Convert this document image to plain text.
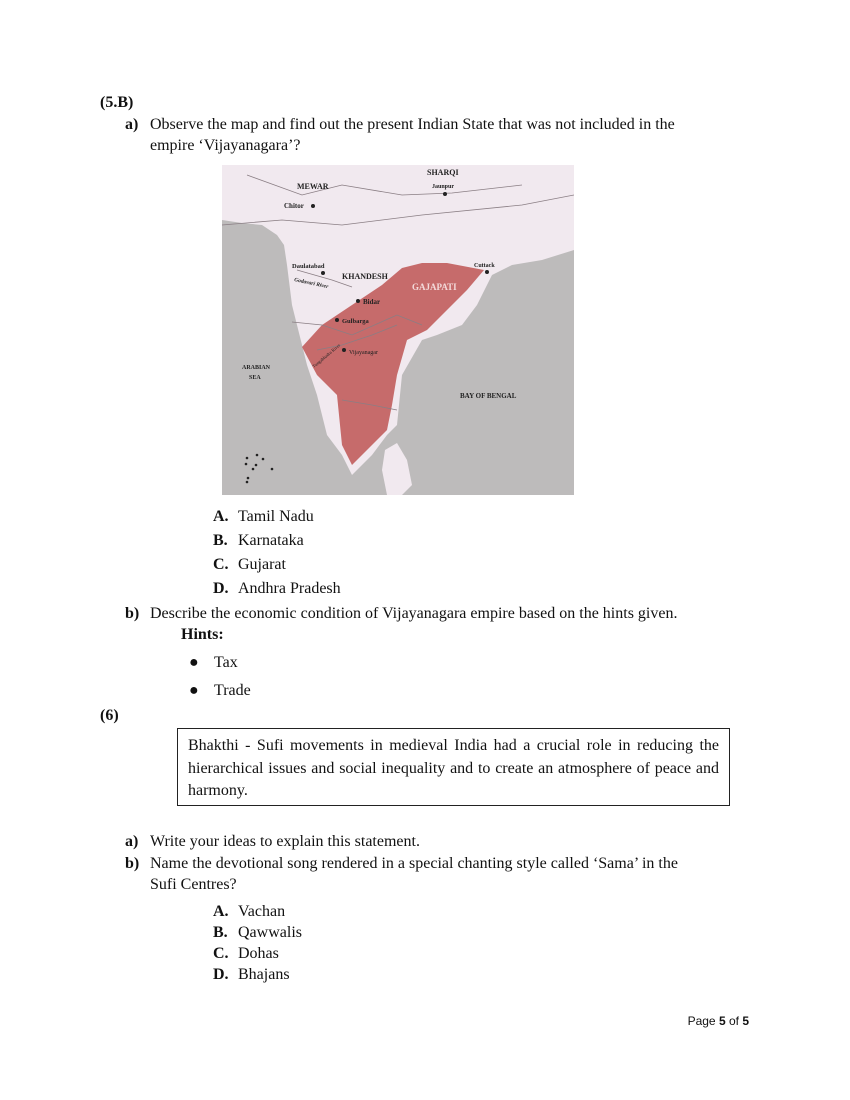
(5.B)
a) Observe the map and find out the present Indian State that was not included in the
empire ‘Vijayanagara’?
MEWAR
Chitor
SHARQI
Jaunpur
Daulatabad
KHANDESH
Godavari River	GAJAPATI
Cuttack
Bidar
Gulbarga
Vijayanagar
Tungabhadra River
ARABIAN
SEA
BAY OF BENGAL
A. Tamil Nadu
B. Karnataka
C. Gujarat
D. Andhra Pradesh
b) Describe the economic condition of Vijayanagara empire based on the hints given.
Hints:
● Tax
● Trade
(6)
Bhakthi - Sufi movements in medieval India had a crucial role in reducing the hierarchical issues and social inequality and to create an atmosphere of peace and harmony.
a) Write your ideas to explain this statement.
b) Name the devotional song rendered in a special chanting style called ‘Sama’ in the
Sufi Centres?
A. Vachan
B. Qawwalis
C. Dohas
D. Bhajans
Page 5 of 5
